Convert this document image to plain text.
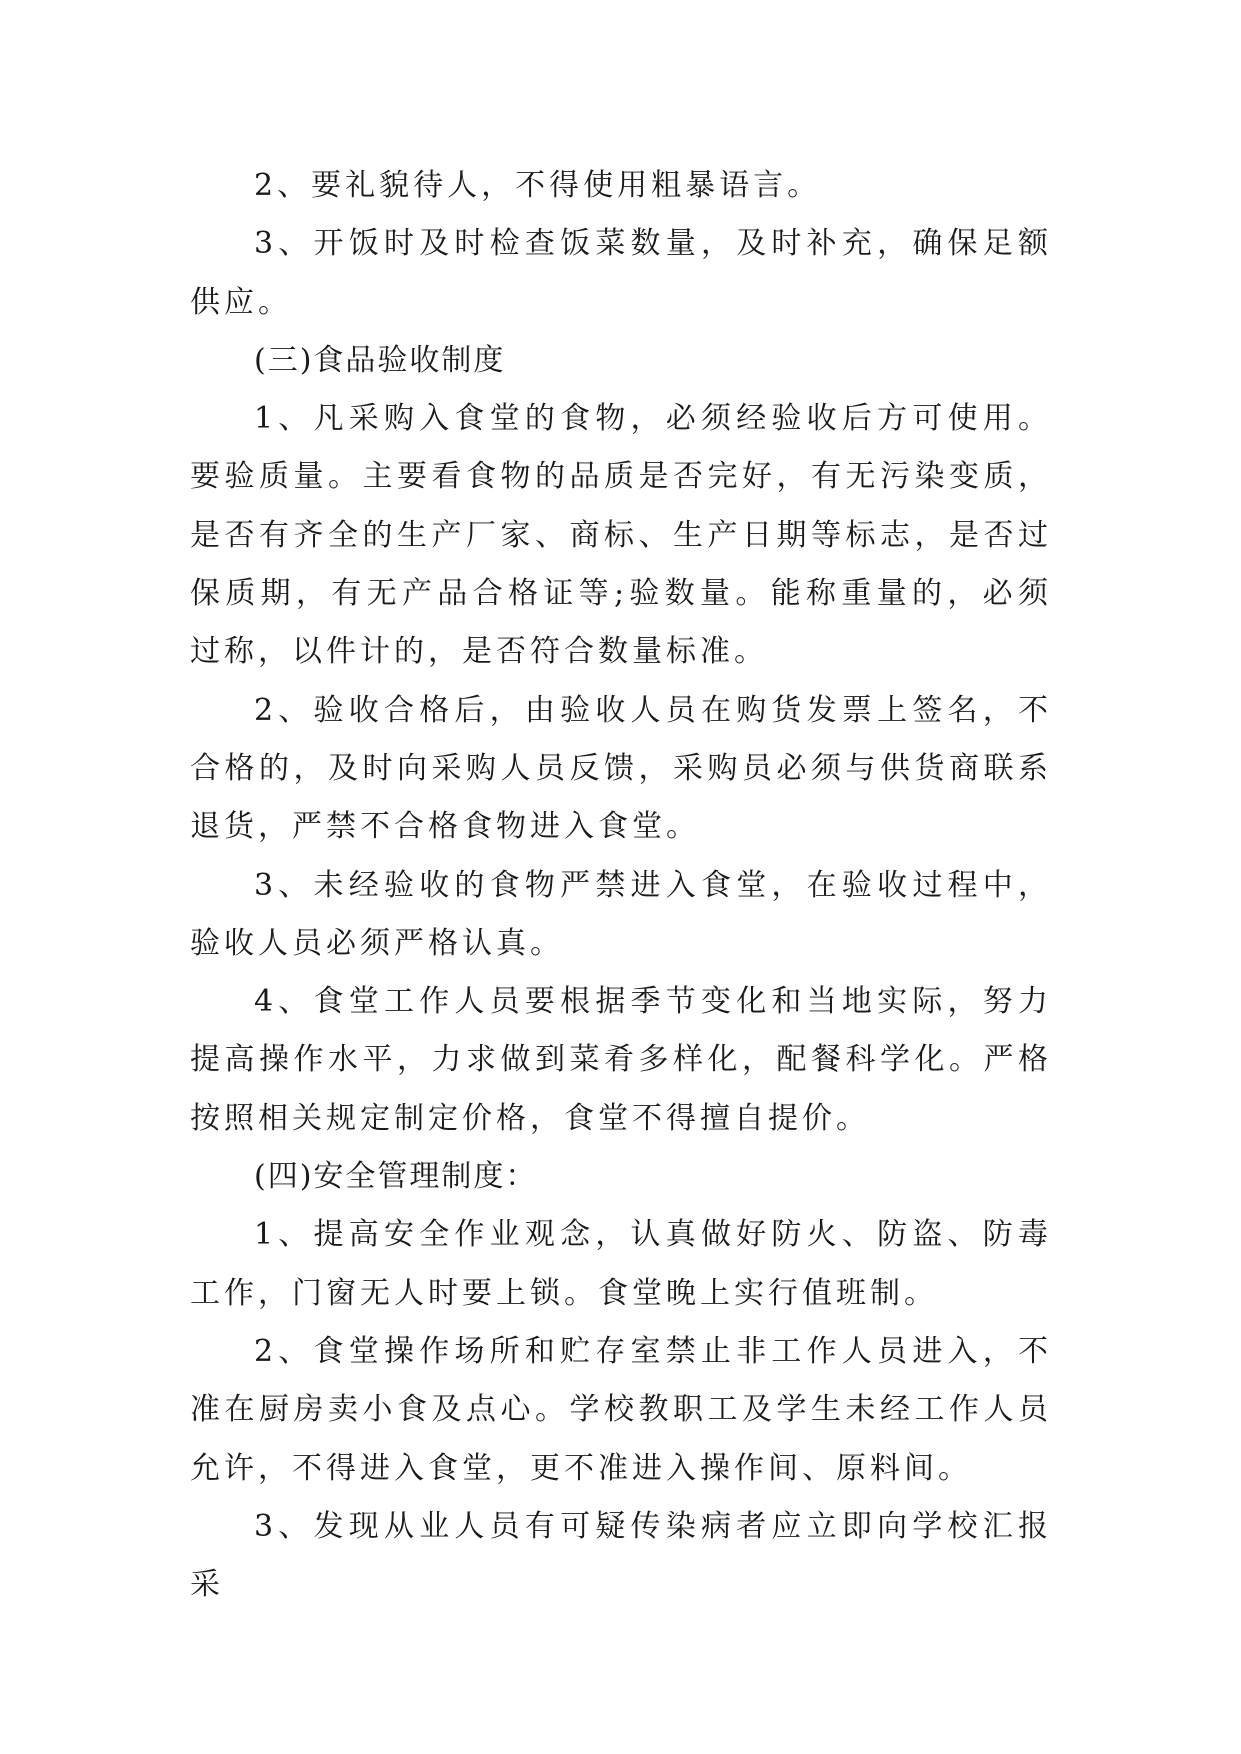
2、要礼貌待人，不得使用粗暴语言。

3、开饭时及时检查饭菜数量，及时补充，确保足额供应。

(三)食品验收制度

1、凡采购入食堂的食物，必须经验收后方可使用。要验质量。主要看食物的品质是否完好，有无污染变质，是否有齐全的生产厂家、商标、生产日期等标志，是否过保质期，有无产品合格证等;验数量。能称重量的，必须过称，以件计的，是否符合数量标准。

2、验收合格后，由验收人员在购货发票上签名，不合格的，及时向采购人员反馈，采购员必须与供货商联系退货，严禁不合格食物进入食堂。

3、未经验收的食物严禁进入食堂，在验收过程中，验收人员必须严格认真。

4、食堂工作人员要根据季节变化和当地实际，努力提高操作水平，力求做到菜肴多样化，配餐科学化。严格按照相关规定制定价格，食堂不得擅自提价。

(四)安全管理制度：

1、提高安全作业观念，认真做好防火、防盗、防毒工作，门窗无人时要上锁。食堂晚上实行值班制。

2、食堂操作场所和贮存室禁止非工作人员进入，不准在厨房卖小食及点心。学校教职工及学生未经工作人员允许，不得进入食堂，更不准进入操作间、原料间。

3、发现从业人员有可疑传染病者应立即向学校汇报采
